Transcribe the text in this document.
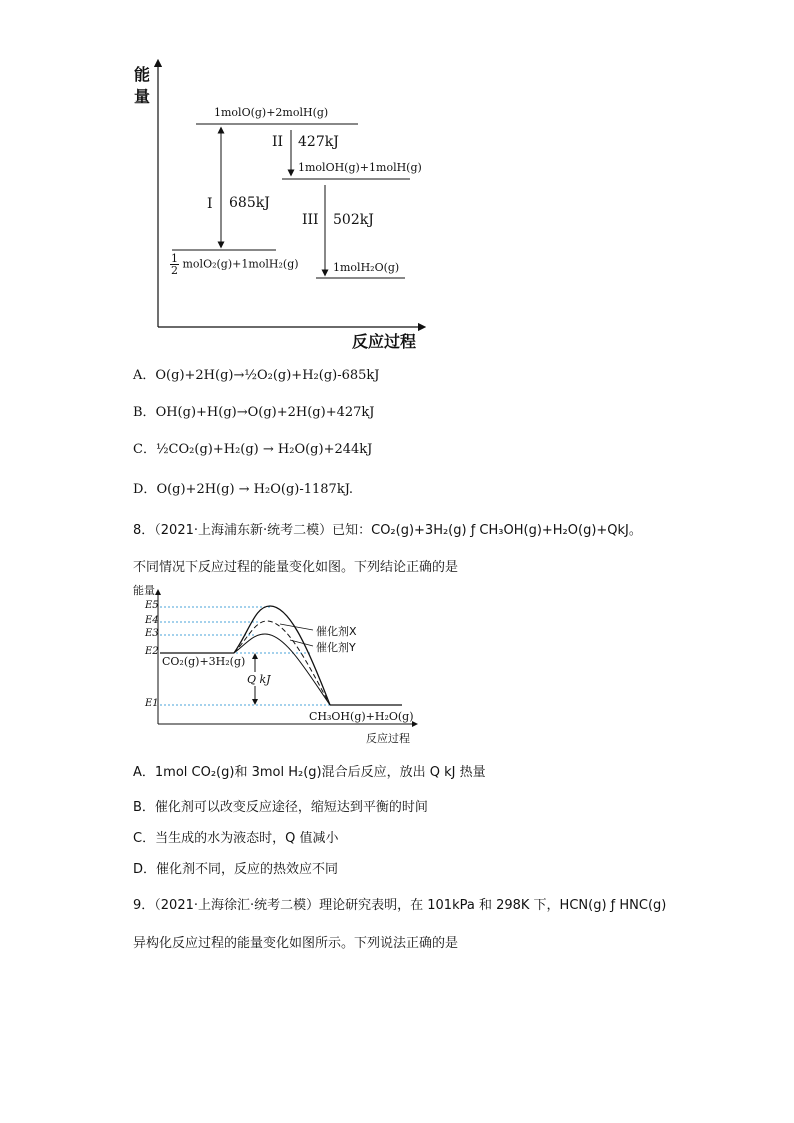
能
量
反应过程
1molO(g)+2molH(g)
1molOH(g)+1molH(g)
1molH₂O(g)
$\frac{1}{2}$ molO₂(g)+1molH₂(g)
I 685kJ
II 427kJ
III 502kJ
A．O(g)+2H(g)→½O₂(g)+H₂(g)-685kJ
B．OH(g)+H(g)→O(g)+2H(g)+427kJ
C．½CO₂(g)+H₂(g) → H₂O(g)+244kJ
D．O(g)+2H(g) → H₂O(g)-1187kJ.
8．（2021·上海浦东新·统考二模）已知：CO₂(g)+3H₂(g) ƒ CH₃OH(g)+H₂O(g)+QkJ。
不同情况下反应过程的能量变化如图。下列结论正确的是
能量
反应过程
E5
E4
E3
E2
E1
CO₂(g)+3H₂(g)
CH₃OH(g)+H₂O(g)
Q kJ
催化剂X
催化剂Y
A．1mol CO₂(g)和 3mol H₂(g)混合后反应，放出 Q kJ 热量
B．催化剂可以改变反应途径，缩短达到平衡的时间
C．当生成的水为液态时，Q 值减小
D．催化剂不同，反应的热效应不同
9．（2021·上海徐汇·统考二模）理论研究表明，在 101kPa 和 298K 下，HCN(g) ƒ HNC(g)
异构化反应过程的能量变化如图所示。下列说法正确的是
